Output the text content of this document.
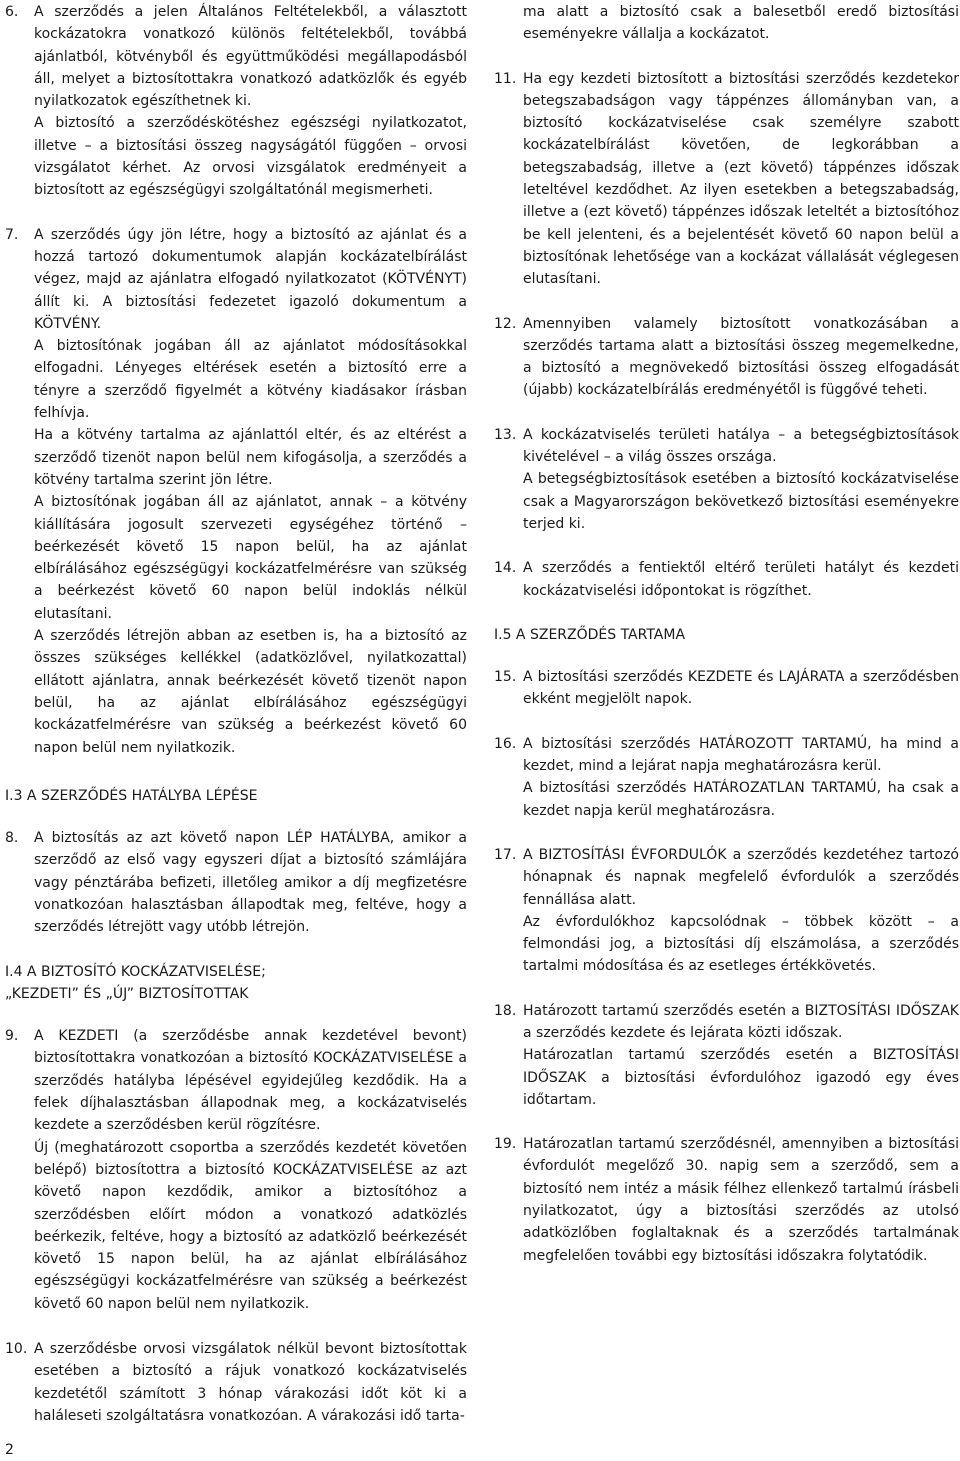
6. A szerződés a jelen Általános Feltételekből, a választott kockázatokra vonatkozó különös feltételekből, továbbá ajánlatból, kötvényből és együttműködési megállapodásból áll, melyet a biztosítottakra vonatkozó adatközlők és egyéb nyilatkozatok egészíthetnek ki.

A biztosító a szerződéskötéshez egészségi nyilatkozatot, illetve – a biztosítási összeg nagyságától függően – orvosi vizsgálatot kérhet. Az orvosi vizsgálatok eredményeit a biztosított az egészségügyi szolgáltatónál megismerheti.

7. A szerződés úgy jön létre, hogy a biztosító az ajánlat és a hozzá tartozó dokumentumok alapján kockázatelbírálást végez, majd az ajánlatra elfogadó nyilatkozatot (KÖTVÉNYT) állít ki. A biztosítási fedezetet igazoló dokumentum a KÖTVÉNY.

A biztosítónak jogában áll az ajánlatot módosításokkal elfogadni. Lényeges eltérések esetén a biztosító erre a tényre a szerződő figyelmét a kötvény kiadásakor írásban felhívja.

Ha a kötvény tartalma az ajánlattól eltér, és az eltérést a szerződő tizenöt napon belül nem kifogásolja, a szerződés a kötvény tartalma szerint jön létre.

A biztosítónak jogában áll az ajánlatot, annak – a kötvény kiállítására jogosult szervezeti egységéhez történő – beérkezését követő 15 napon belül, ha az ajánlat elbírálásához egészségügyi kockázatfelmérésre van szükség a beérkezést követő 60 napon belül indoklás nélkül elutasítani.

A szerződés létrejön abban az esetben is, ha a biztosító az összes szükséges kellékkel (adatközlővel, nyilatkozattal) ellátott ajánlatra, annak beérkezését követő tizenöt napon belül, ha az ajánlat elbírálásához egészségügyi kockázatfelmérésre van szükség a beérkezést követő 60 napon belül nem nyilatkozik.

I.3 A SZERZŐDÉS HATÁLYBA LÉPÉSE
8. A biztosítás az azt követő napon LÉP HATÁLYBA, amikor a szerződő az első vagy egyszeri díjat a biztosító számlájára vagy pénztárába befizeti, illetőleg amikor a díj megfizetésre vonatkozóan halasztásban állapodtak meg, feltéve, hogy a szerződés létrejött vagy utóbb létrejön.

I.4 A BIZTOSÍTÓ KOCKÁZATVISELÉSE;
„KEZDETI” ÉS „ÚJ” BIZTOSÍTOTTAK
9. A KEZDETI (a szerződésbe annak kezdetével bevont) biztosítottakra vonatkozóan a biztosító KOCKÁZATVISELÉSE a szerződés hatályba lépésével egyidejűleg kezdődik. Ha a felek díjhalasztásban állapodnak meg, a kockázatviselés kezdete a szerződésben kerül rögzítésre.

Új (meghatározott csoportba a szerződés kezdetét követően belépő) biztosítottra a biztosító KOCKÁZATVISELÉSE az azt követő napon kezdődik, amikor a biztosítóhoz a szerződésben előírt módon a vonatkozó adatközlés beérkezik, feltéve, hogy a biztosító az adatközlő beérkezését követő 15 napon belül, ha az ajánlat elbírálásához egészségügyi kockázatfelmérésre van szükség a beérkezést követő 60 napon belül nem nyilatkozik.

10. A szerződésbe orvosi vizsgálatok nélkül bevont biztosítottak esetében a biztosító a rájuk vonatkozó kockázatviselés kezdetétől számított 3 hónap várakozási időt köt ki a haláleseti szolgáltatásra vonatkozóan. A várakozási idő tarta-

ma alatt a biztosító csak a balesetből eredő biztosítási eseményekre vállalja a kockázatot.

11. Ha egy kezdeti biztosított a biztosítási szerződés kezdetekor betegszabadságon vagy táppénzes állományban van, a biztosító kockázatviselése csak személyre szabott kockázatelbírálást követően, de legkorábban a betegszabadság, illetve a (ezt követő) táppénzes időszak leteltével kezdődhet. Az ilyen esetekben a betegszabadság, illetve a (ezt követő) táppénzes időszak leteltét a biztosítóhoz be kell jelenteni, és a bejelentését követő 60 napon belül a biztosítónak lehetősége van a kockázat vállalását véglegesen elutasítani.

12. Amennyiben valamely biztosított vonatkozásában a szerződés tartama alatt a biztosítási összeg megemelkedne, a biztosító a megnövekedő biztosítási összeg elfogadását (újabb) kockázatelbírálás eredményétől is függővé teheti.

13. A kockázatviselés területi hatálya – a betegségbiztosítások kivételével – a világ összes országa.

A betegségbiztosítások esetében a biztosító kockázatviselése csak a Magyarországon bekövetkező biztosítási eseményekre terjed ki.

14. A szerződés a fentiektől eltérő területi hatályt és kezdeti kockázatviselési időpontokat is rögzíthet.

I.5 A SZERZŐDÉS TARTAMA
15. A biztosítási szerződés KEZDETE és LAJÁRATA a szerződésben ekként megjelölt napok.

16. A biztosítási szerződés HATÁROZOTT TARTAMÚ, ha mind a kezdet, mind a lejárat napja meghatározásra kerül.

A biztosítási szerződés HATÁROZATLAN TARTAMÚ, ha csak a kezdet napja kerül meghatározásra.

17. A BIZTOSÍTÁSI ÉVFORDULÓK a szerződés kezdetéhez tartozó hónapnak és napnak megfelelő évfordulók a szerződés fennállása alatt.

Az évfordulókhoz kapcsolódnak – többek között – a felmondási jog, a biztosítási díj elszámolása, a szerződés tartalmi módosítása és az esetleges értékkövetés.

18. Határozott tartamú szerződés esetén a BIZTOSÍTÁSI IDŐSZAK a szerződés kezdete és lejárata közti időszak.

Határozatlan tartamú szerződés esetén a BIZTOSÍTÁSI IDŐSZAK a biztosítási évfordulóhoz igazodó egy éves időtartam.

19. Határozatlan tartamú szerződésnél, amennyiben a biztosítási évfordulót megelőző 30. napig sem a szerződő, sem a biztosító nem intéz a másik félhez ellenkező tartalmú írásbeli nyilatkozatot, úgy a biztosítási szerződés az utolsó adatközlőben foglaltaknak és a szerződés tartalmának megfelelően további egy biztosítási időszakra folytatódik.

2
